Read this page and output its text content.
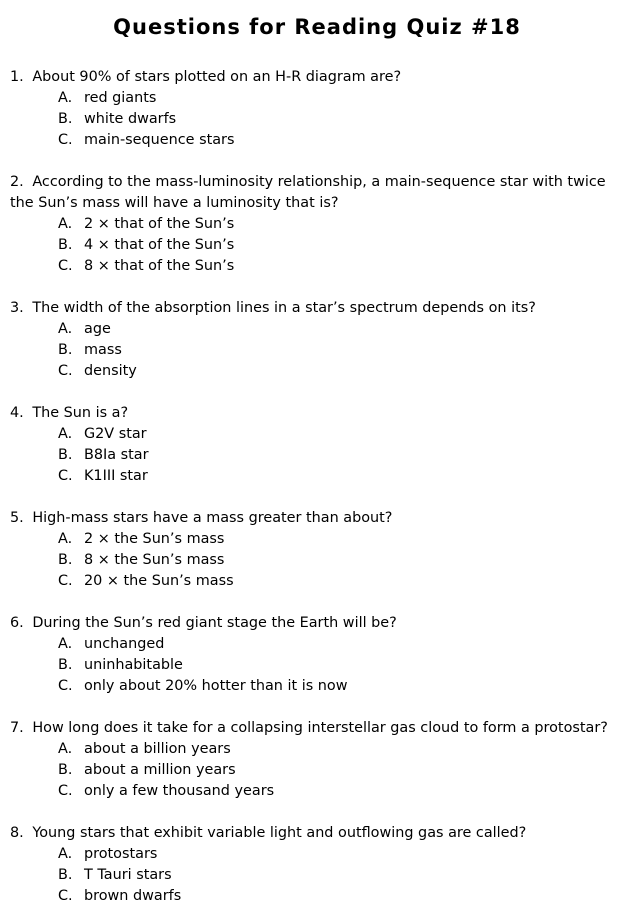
Questions for Reading Quiz #18

1. About 90% of stars plotted on an H-R diagram are?

A. red giants

B. white dwarfs

C. main-sequence stars

2. According to the mass-luminosity relationship, a main-sequence star with twice the Sun’s mass will have a luminosity that is?

A. 2 × that of the Sun’s

B. 4 × that of the Sun’s

C. 8 × that of the Sun’s

3. The width of the absorption lines in a star’s spectrum depends on its?

A. age

B. mass

C. density

4. The Sun is a?

A. G2V star

B. B8Ia star

C. K1III star

5. High-mass stars have a mass greater than about?

A. 2 × the Sun’s mass

B. 8 × the Sun’s mass

C. 20 × the Sun’s mass

6. During the Sun’s red giant stage the Earth will be?

A. unchanged

B. uninhabitable

C. only about 20% hotter than it is now

7. How long does it take for a collapsing interstellar gas cloud to form a protostar?

A. about a billion years

B. about a million years

C. only a few thousand years

8. Young stars that exhibit variable light and outflowing gas are called?

A. protostars

B. T Tauri stars

C. brown dwarfs
